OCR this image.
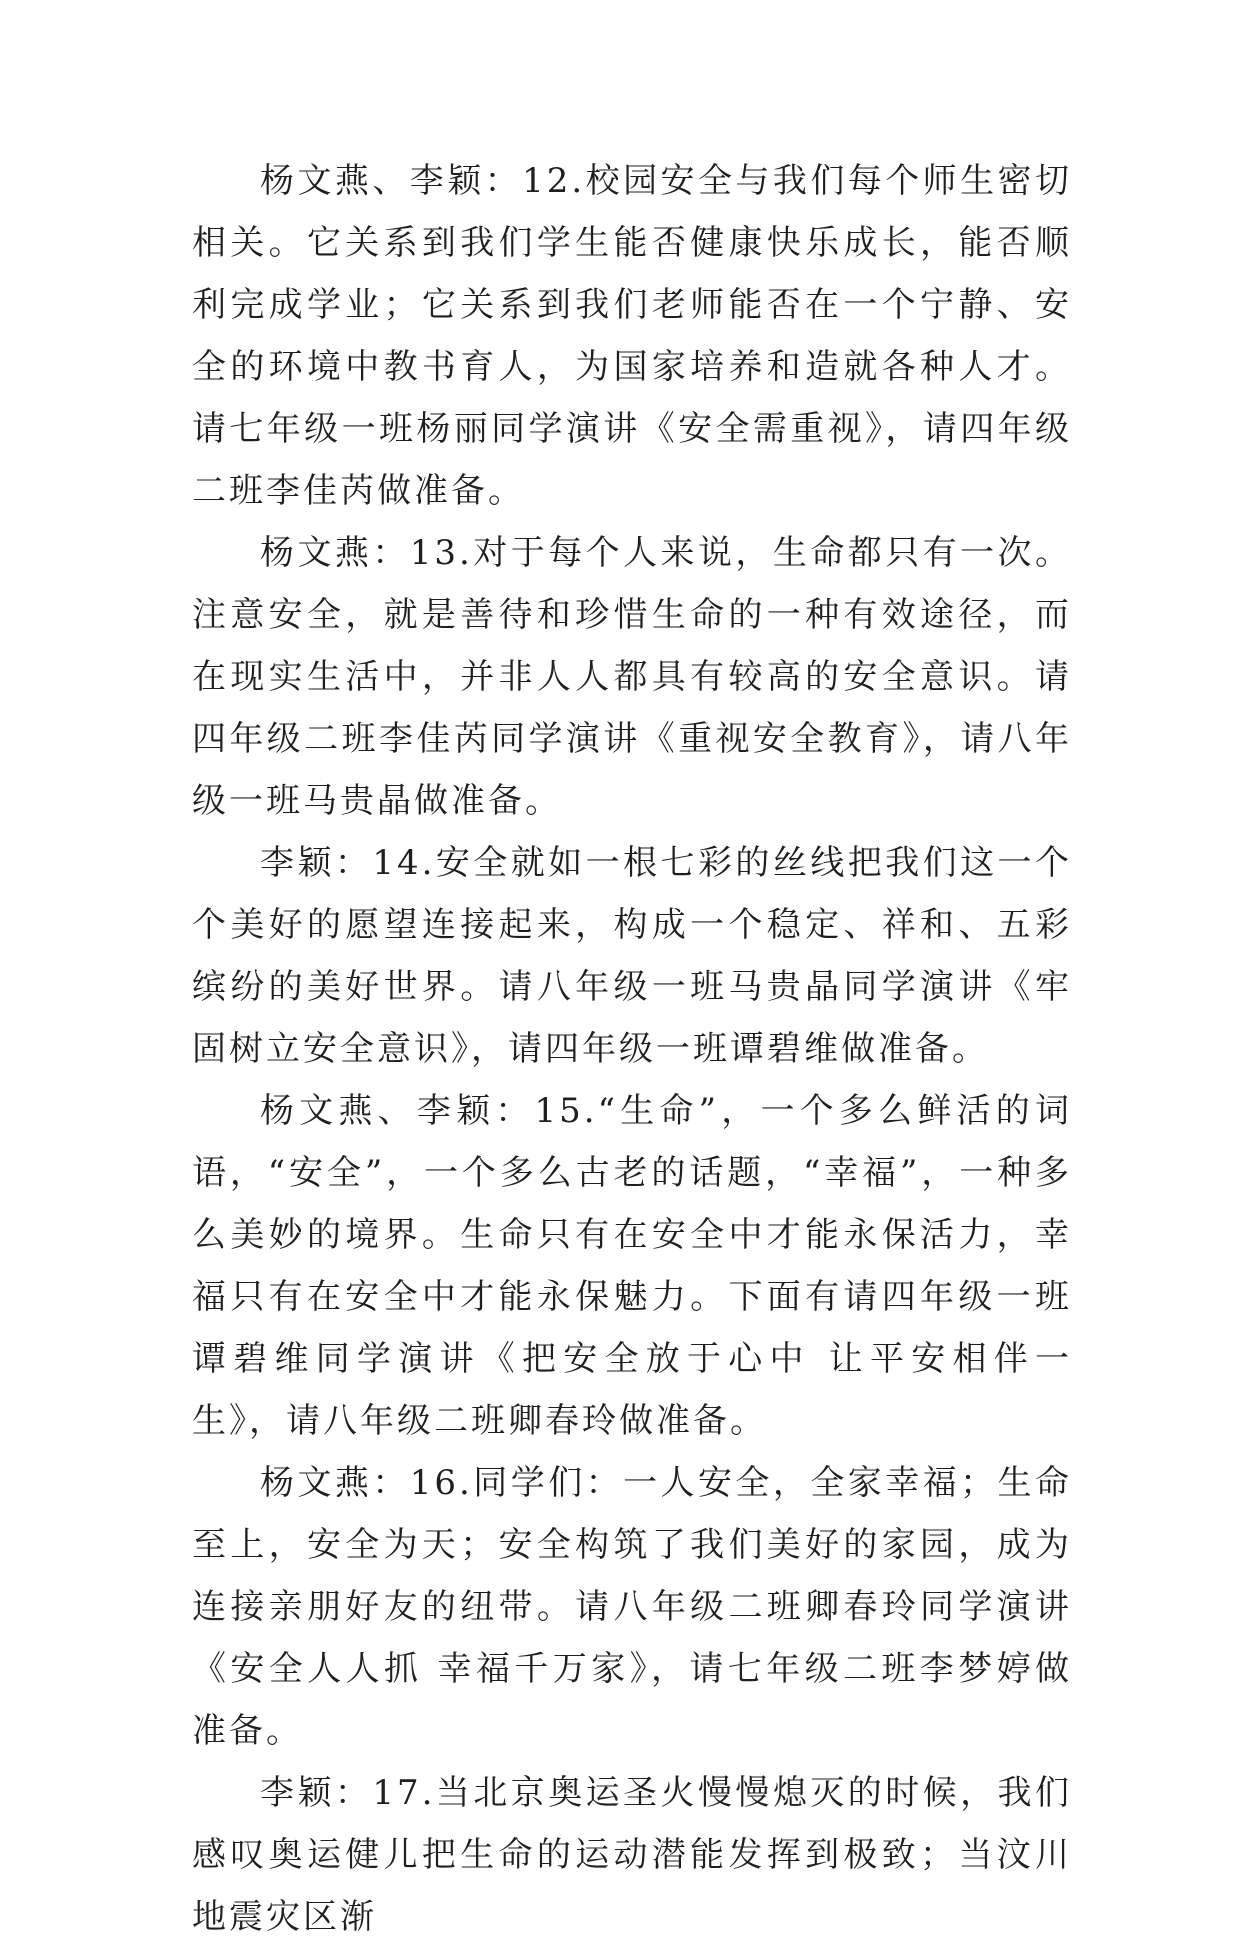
杨文燕、李颖：12.校园安全与我们每个师生密切相关。它关系到我们学生能否健康快乐成长，能否顺利完成学业；它关系到我们老师能否在一个宁静、安全的环境中教书育人，为国家培养和造就各种人才。请七年级一班杨丽同学演讲《安全需重视》，请四年级二班李佳芮做准备。

杨文燕：13.对于每个人来说，生命都只有一次。注意安全，就是善待和珍惜生命的一种有效途径，而在现实生活中，并非人人都具有较高的安全意识。请四年级二班李佳芮同学演讲《重视安全教育》，请八年级一班马贵晶做准备。

李颖：14.安全就如一根七彩的丝线把我们这一个个美好的愿望连接起来，构成一个稳定、祥和、五彩缤纷的美好世界。请八年级一班马贵晶同学演讲《牢固树立安全意识》，请四年级一班谭碧维做准备。

杨文燕、李颖：15.“生命”，一个多么鲜活的词语，“安全”，一个多么古老的话题，“幸福”，一种多么美妙的境界。生命只有在安全中才能永保活力，幸福只有在安全中才能永保魅力。下面有请四年级一班谭碧维同学演讲《把安全放于心中 让平安相伴一生》，请八年级二班卿春玲做准备。

杨文燕：16.同学们：一人安全，全家幸福；生命至上，安全为天；安全构筑了我们美好的家园，成为连接亲朋好友的纽带。请八年级二班卿春玲同学演讲《安全人人抓 幸福千万家》，请七年级二班李梦婷做准备。

李颖：17.当北京奥运圣火慢慢熄灭的时候，我们感叹奥运健儿把生命的运动潜能发挥到极致；当汶川地震灾区渐
